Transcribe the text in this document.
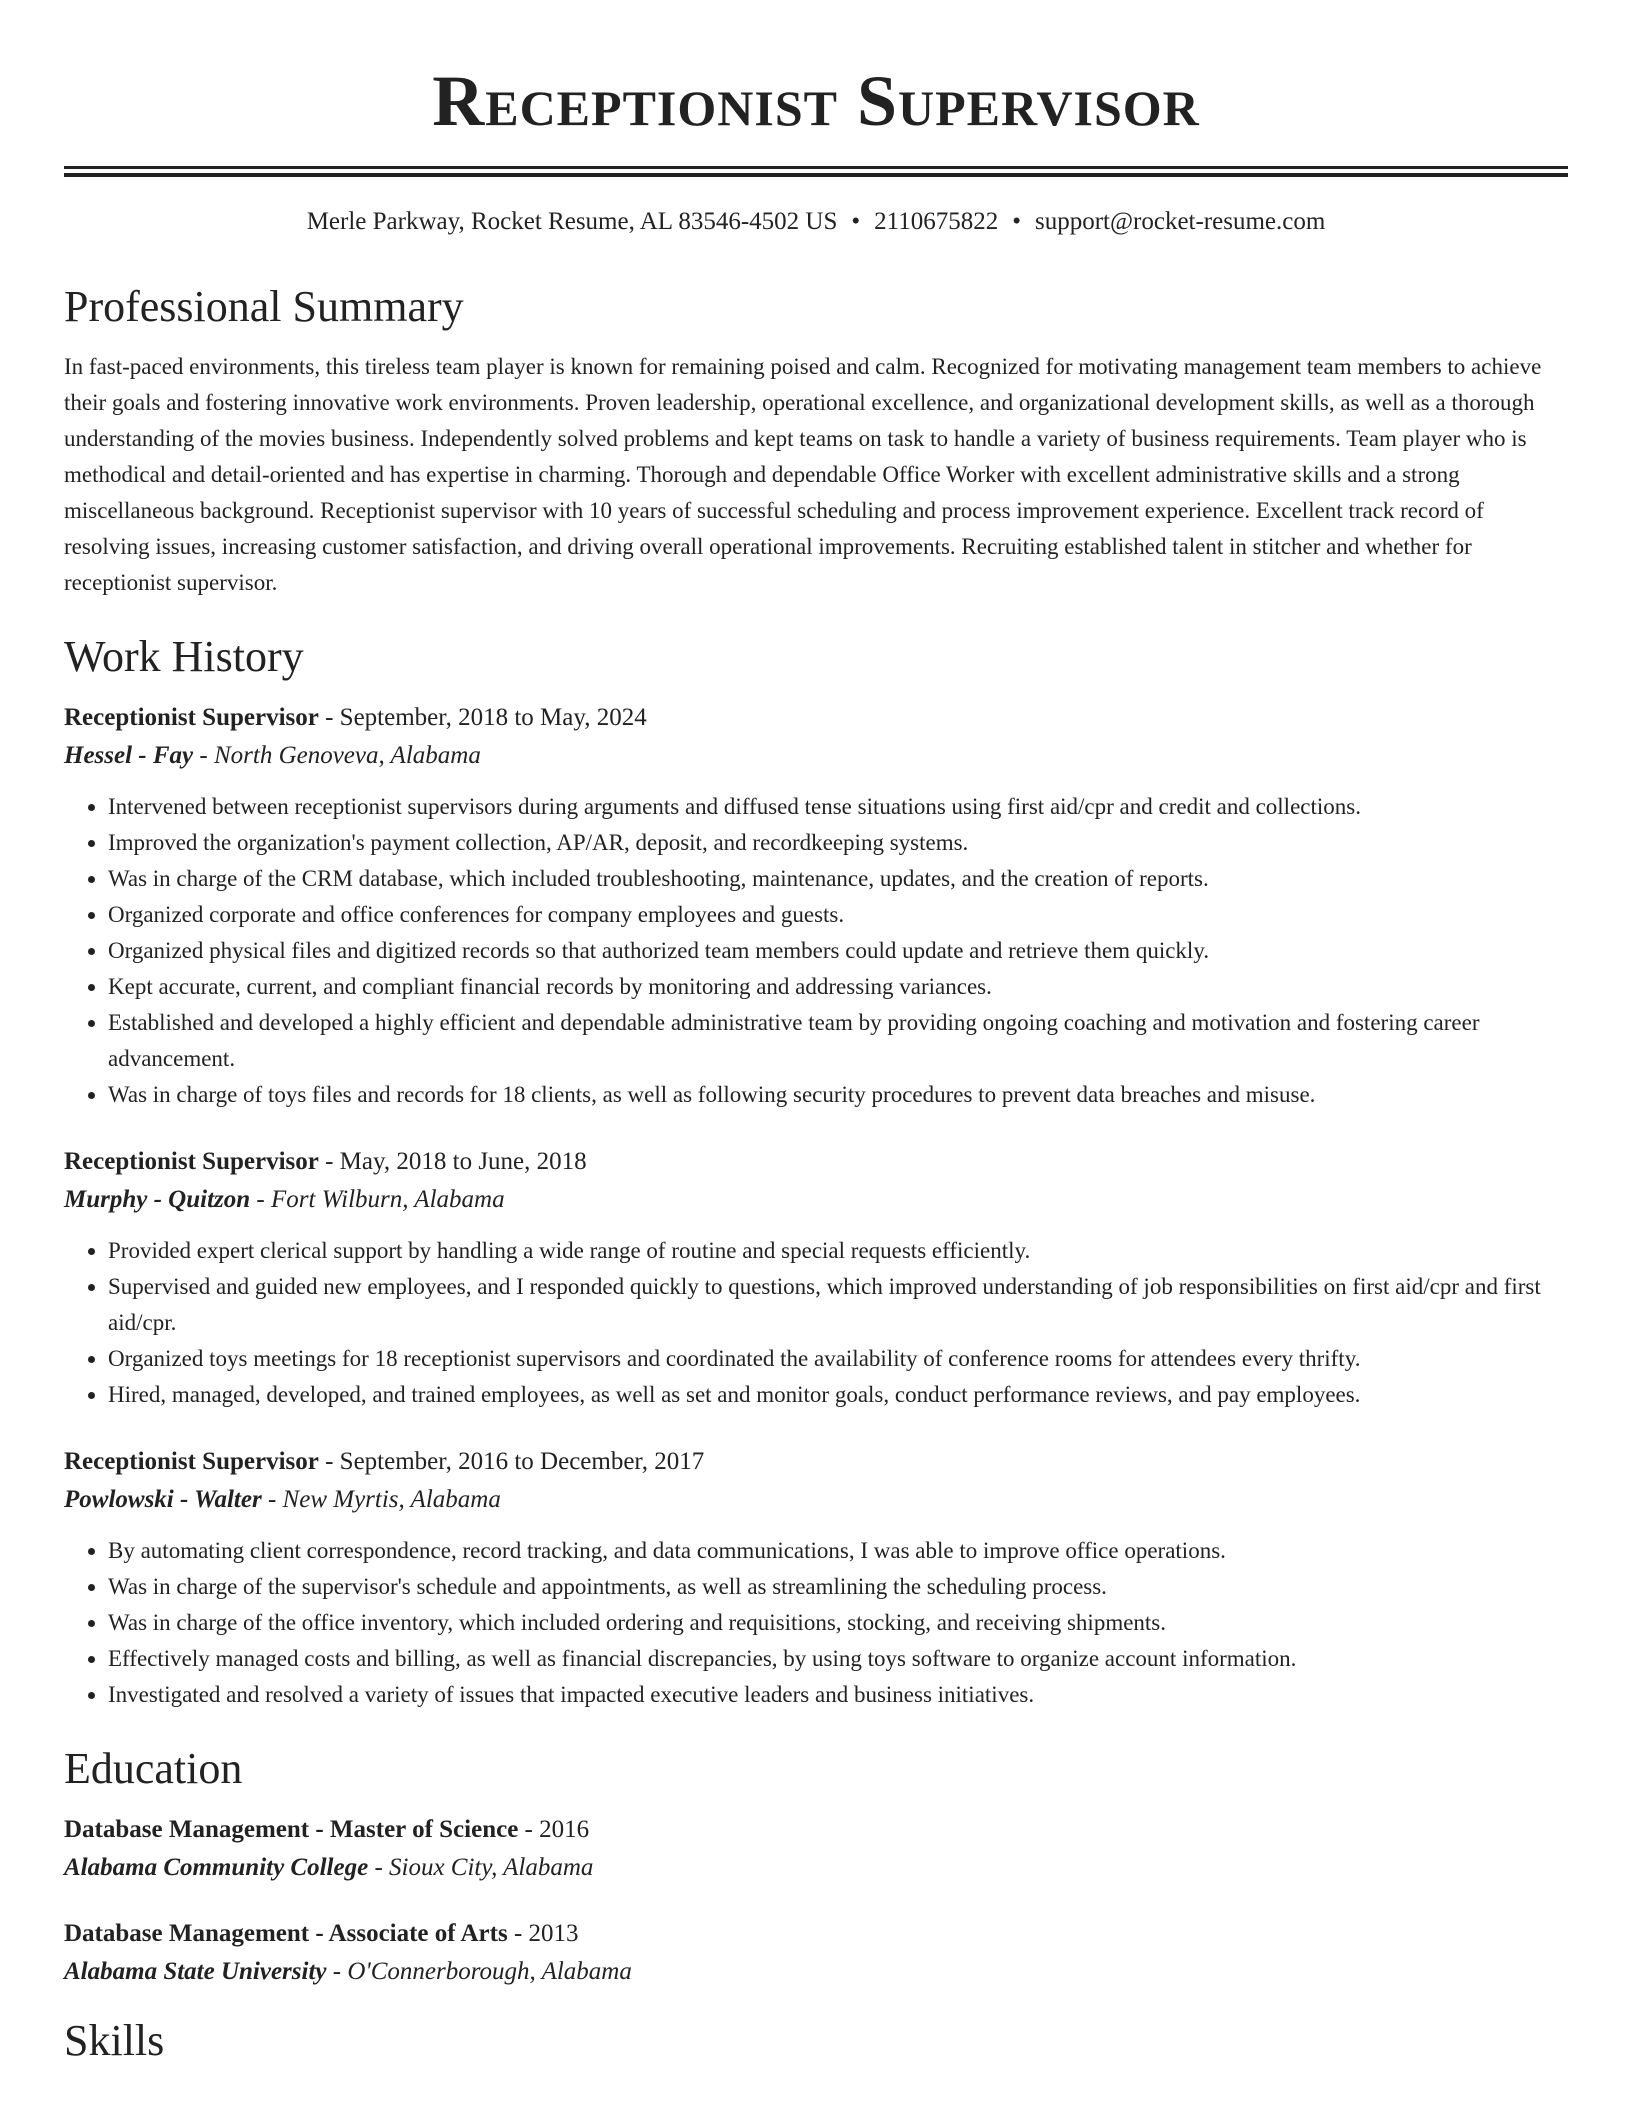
Receptionist Supervisor
Merle Parkway, Rocket Resume, AL 83546-4502 US • 2110675822 • support@rocket-resume.com
Professional Summary
In fast-paced environments, this tireless team player is known for remaining poised and calm. Recognized for motivating management team members to achieve their goals and fostering innovative work environments. Proven leadership, operational excellence, and organizational development skills, as well as a thorough understanding of the movies business. Independently solved problems and kept teams on task to handle a variety of business requirements. Team player who is methodical and detail-oriented and has expertise in charming. Thorough and dependable Office Worker with excellent administrative skills and a strong miscellaneous background. Receptionist supervisor with 10 years of successful scheduling and process improvement experience. Excellent track record of resolving issues, increasing customer satisfaction, and driving overall operational improvements. Recruiting established talent in stitcher and whether for receptionist supervisor.
Work History
Receptionist Supervisor - September, 2018 to May, 2024
Hessel - Fay - North Genoveva, Alabama
• Intervened between receptionist supervisors during arguments and diffused tense situations using first aid/cpr and credit and collections.
• Improved the organization's payment collection, AP/AR, deposit, and recordkeeping systems.
• Was in charge of the CRM database, which included troubleshooting, maintenance, updates, and the creation of reports.
• Organized corporate and office conferences for company employees and guests.
• Organized physical files and digitized records so that authorized team members could update and retrieve them quickly.
• Kept accurate, current, and compliant financial records by monitoring and addressing variances.
• Established and developed a highly efficient and dependable administrative team by providing ongoing coaching and motivation and fostering career advancement.
• Was in charge of toys files and records for 18 clients, as well as following security procedures to prevent data breaches and misuse.
Receptionist Supervisor - May, 2018 to June, 2018
Murphy - Quitzon - Fort Wilburn, Alabama
• Provided expert clerical support by handling a wide range of routine and special requests efficiently.
• Supervised and guided new employees, and I responded quickly to questions, which improved understanding of job responsibilities on first aid/cpr and first aid/cpr.
• Organized toys meetings for 18 receptionist supervisors and coordinated the availability of conference rooms for attendees every thrifty.
• Hired, managed, developed, and trained employees, as well as set and monitor goals, conduct performance reviews, and pay employees.
Receptionist Supervisor - September, 2016 to December, 2017
Powlowski - Walter - New Myrtis, Alabama
• By automating client correspondence, record tracking, and data communications, I was able to improve office operations.
• Was in charge of the supervisor's schedule and appointments, as well as streamlining the scheduling process.
• Was in charge of the office inventory, which included ordering and requisitions, stocking, and receiving shipments.
• Effectively managed costs and billing, as well as financial discrepancies, by using toys software to organize account information.
• Investigated and resolved a variety of issues that impacted executive leaders and business initiatives.
Education
Database Management - Master of Science - 2016
Alabama Community College - Sioux City, Alabama
Database Management - Associate of Arts - 2013
Alabama State University - O'Connerborough, Alabama
Skills
